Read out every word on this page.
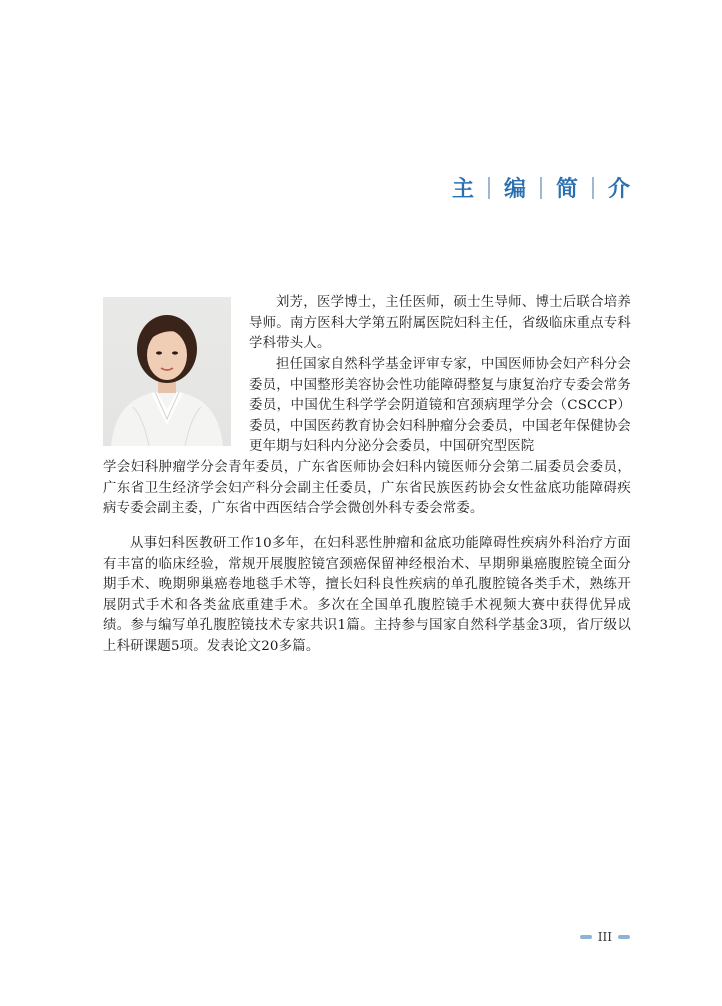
主 编 简 介
刘芳，医学博士，主任医师，硕士生导师、博士后联合培养导师。南方医科大学第五附属医院妇科主任，省级临床重点专科学科带头人。
担任国家自然科学基金评审专家，中国医师协会妇产科分会委员，中国整形美容协会性功能障碍整复与康复治疗专委会常务委员，中国优生科学学会阴道镜和宫颈病理学分会（CSCCP）委员，中国医药教育协会妇科肿瘤分会委员，中国老年保健协会更年期与妇科内分泌分会委员，中国研究型医院
学会妇科肿瘤学分会青年委员，广东省医师协会妇科内镜医师分会第二届委员会委员，广东省卫生经济学会妇产科分会副主任委员，广东省民族医药协会女性盆底功能障碍疾病专委会副主委，广东省中西医结合学会微创外科专委会常委。
从事妇科医教研工作10多年，在妇科恶性肿瘤和盆底功能障碍性疾病外科治疗方面有丰富的临床经验，常规开展腹腔镜宫颈癌保留神经根治术、早期卵巢癌腹腔镜全面分期手术、晚期卵巢癌卷地毯手术等，擅长妇科良性疾病的单孔腹腔镜各类手术，熟练开展阴式手术和各类盆底重建手术。多次在全国单孔腹腔镜手术视频大赛中获得优异成绩。参与编写单孔腹腔镜技术专家共识1篇。主持参与国家自然科学基金3项，省厅级以上科研课题5项。发表论文20多篇。
III
